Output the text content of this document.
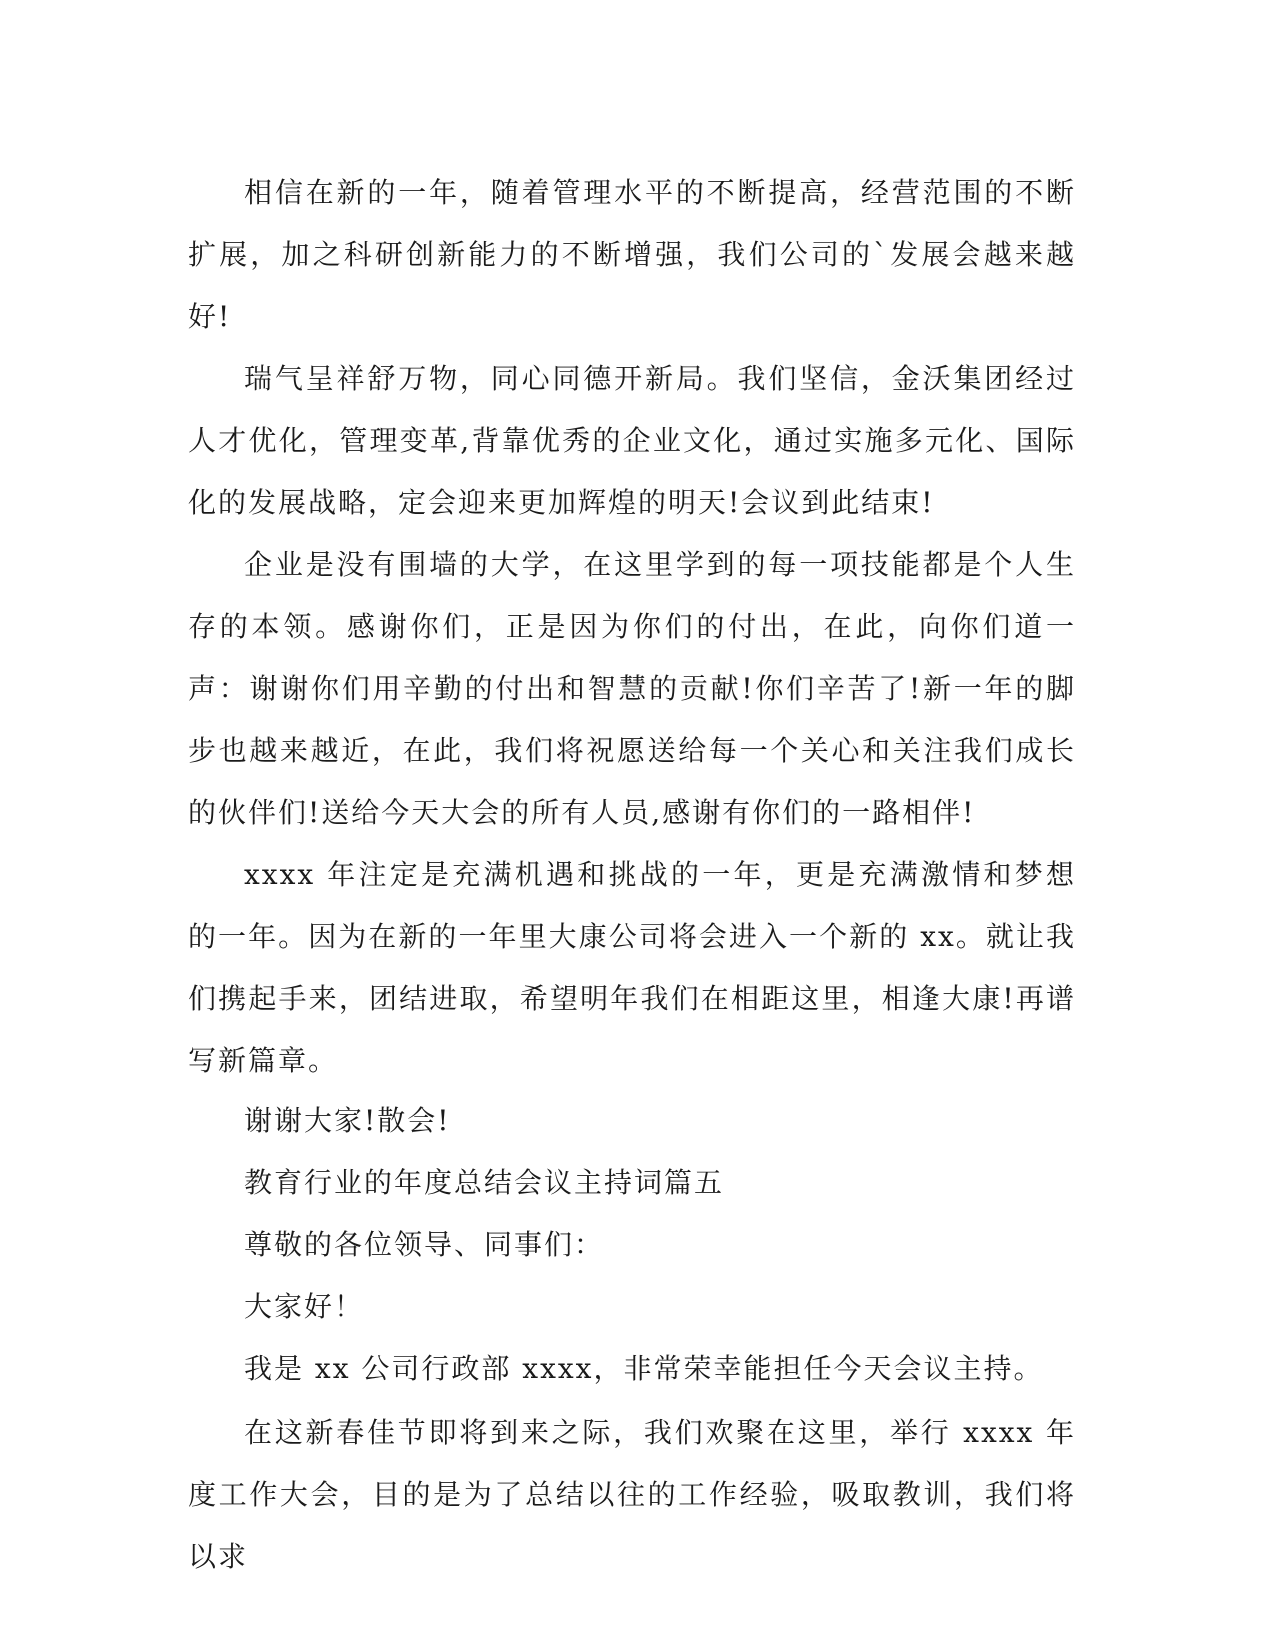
相信在新的一年，随着管理水平的不断提高，经营范围的不断扩展，加之科研创新能力的不断增强，我们公司的`发展会越来越好!

瑞气呈祥舒万物，同心同德开新局。我们坚信，金沃集团经过人才优化，管理变革,背靠优秀的企业文化，通过实施多元化、国际化的发展战略，定会迎来更加辉煌的明天!会议到此结束!

企业是没有围墙的大学，在这里学到的每一项技能都是个人生存的本领。感谢你们，正是因为你们的付出，在此，向你们道一声：谢谢你们用辛勤的付出和智慧的贡献!你们辛苦了!新一年的脚步也越来越近，在此，我们将祝愿送给每一个关心和关注我们成长的伙伴们!送给今天大会的所有人员,感谢有你们的一路相伴!

xxxx 年注定是充满机遇和挑战的一年，更是充满激情和梦想的一年。因为在新的一年里大康公司将会进入一个新的 xx。就让我们携起手来，团结进取，希望明年我们在相距这里，相逢大康!再谱写新篇章。

谢谢大家!散会!

教育行业的年度总结会议主持词篇五

尊敬的各位领导、同事们：

大家好！

我是 xx 公司行政部 xxxx，非常荣幸能担任今天会议主持。

在这新春佳节即将到来之际，我们欢聚在这里，举行 xxxx 年度工作大会，目的是为了总结以往的工作经验，吸取教训，我们将以求
